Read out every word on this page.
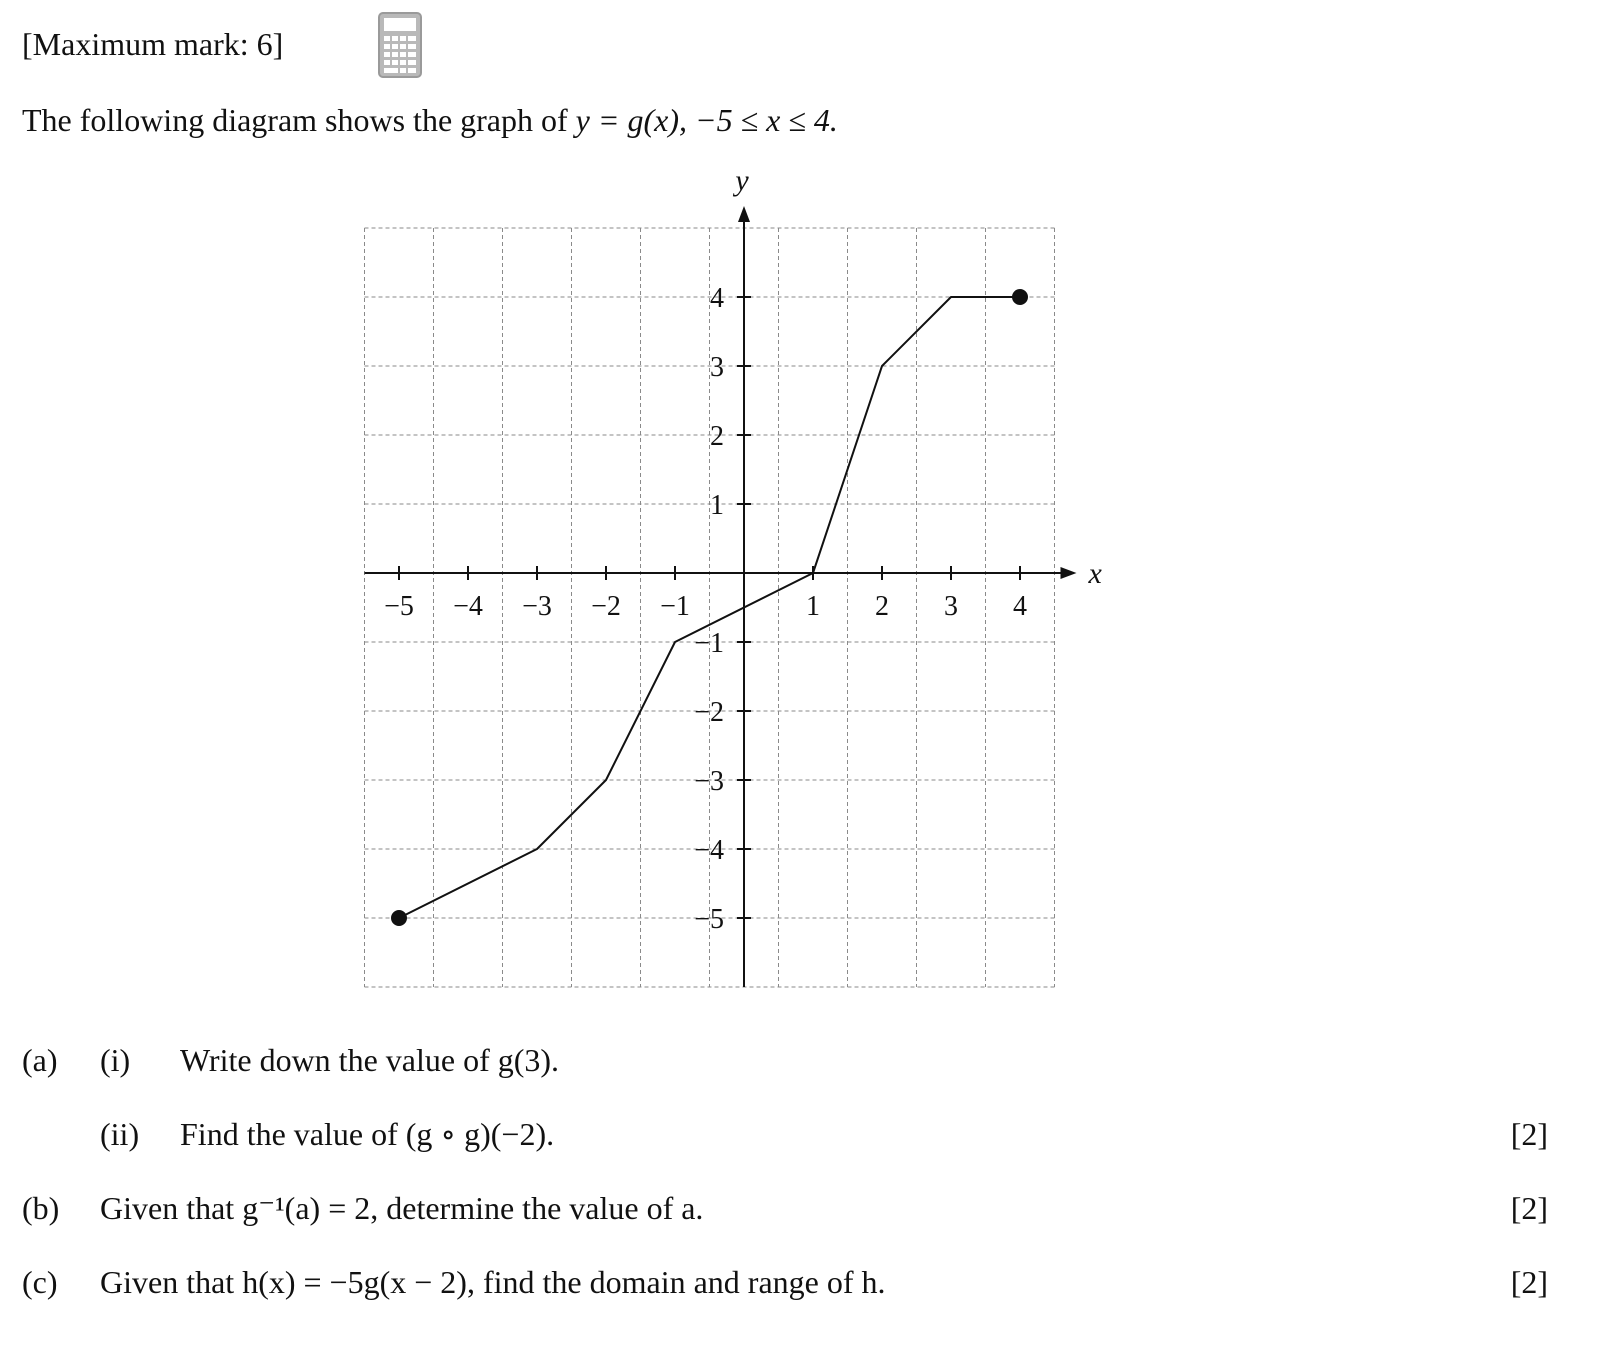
[Maximum mark: 6]
The following diagram shows the graph of y = g(x), −5 ≤ x ≤ 4.
−5 −4 −3 −2 −1	1 2 3 4
4
3
2
1
−1
−2
−3
−4
−5
x
y
(a) (i) Write down the value of g(3).
(ii) Find the value of (g ∘ g)(−2).	[2]
(b) Given that g⁻¹(a) = 2, determine the value of a.	[2]
(c) Given that h(x) = −5g(x − 2), find the domain and range of h.	[2]
